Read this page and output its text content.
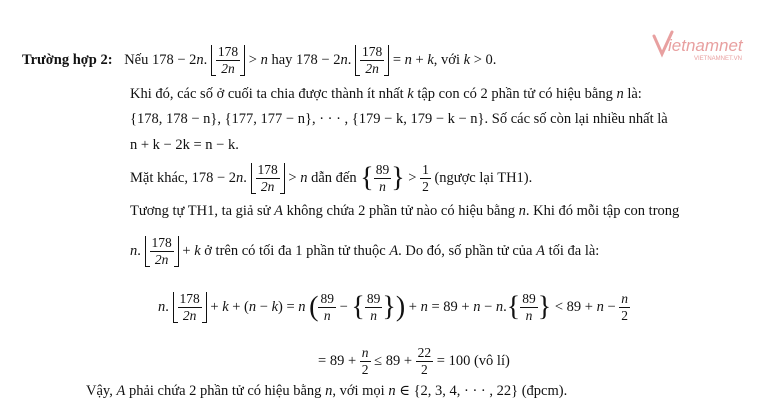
ietnamnet
VIETNAMNET.VN
Trường hợp 2: Nếu 178 − 2n. $\frac{178}{2n} > n$ hay 178 − 2n. $\frac{178}{2n} = n + k$, với k > 0.
Khi đó, các số ở cuối ta chia được thành ít nhất k tập con có 2 phần tử có hiệu bằng n là:
{178, 178 − n}, {177, 177 − n}, · · · , {179 − k, 179 − k − n}. Số các số còn lại nhiều nhất là
n + k − 2k = n − k.
Mặt khác, 178 − 2n. $\frac{178}{2n} > n$ dẫn đến { $\frac{89}{n}$ } > $\frac{1}{2}$ (ngược lại TH1).
Tương tự TH1, ta giả sử A không chứa 2 phần tử nào có hiệu bằng n. Khi đó mỗi tập con trong
n. $\frac{178}{2n} + k$ ở trên có tối đa 1 phần tử thuộc A. Do đó, số phần tử của A tối đa là:
n. $\frac{178}{2n} + k + (n - k) = n$ ( $\frac{89}{n}$ − { $\frac{89}{n}$ }) + $n = 89 + n - n.\{ \frac{89}{n}$ } < $89 + n - \frac{n}{2}$
= $89 + \frac{n}{2} \le 89 + \frac{22}{2} = 100$ (vô lí)
Vậy, A phải chứa 2 phần tử có hiệu bằng n, với mọi n ∈ {2, 3, 4, · · · , 22} (đpcm).
